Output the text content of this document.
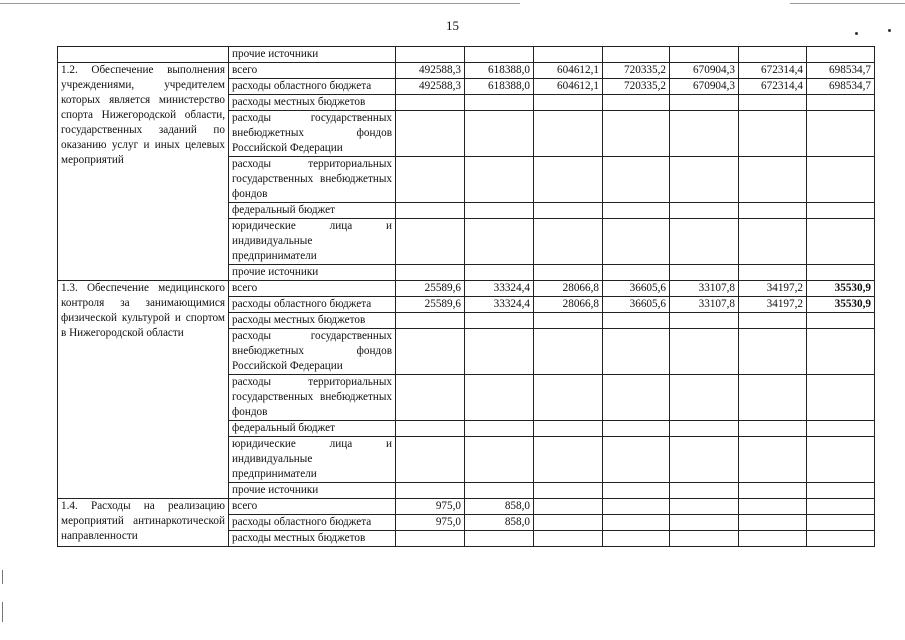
15
	прочие источники							
1.2. Обеспечение выполнения учреждениями, учредителем которых является министерство спорта Нижегородской области, государственных заданий по оказанию услуг и иных целевых мероприятий	всего	492588,3	618388,0	604612,1	720335,2	670904,3	672314,4	698534,7
	расходы областного бюджета	492588,3	618388,0	604612,1	720335,2	670904,3	672314,4	698534,7
	расходы местных бюджетов							
	расходы государственных внебюджетных фондов Российской Федерации							
	расходы территориальных государственных внебюджетных фондов							
	федеральный бюджет							
	юридические лица и индивидуальные предприниматели							
	прочие источники							
1.3. Обеспечение медицинского контроля за занимающимися физической культурой и спортом в Нижегородской области	всего	25589,6	33324,4	28066,8	36605,6	33107,8	34197,2	35530,9
	расходы областного бюджета	25589,6	33324,4	28066,8	36605,6	33107,8	34197,2	35530,9
	расходы местных бюджетов							
	расходы государственных внебюджетных фондов Российской Федерации							
	расходы территориальных государственных внебюджетных фондов							
	федеральный бюджет							
	юридические лица и индивидуальные предприниматели							
	прочие источники							
1.4. Расходы на реализацию мероприятий антинаркотической направленности	всего	975,0	858,0					
	расходы областного бюджета	975,0	858,0					
	расходы местных бюджетов							
